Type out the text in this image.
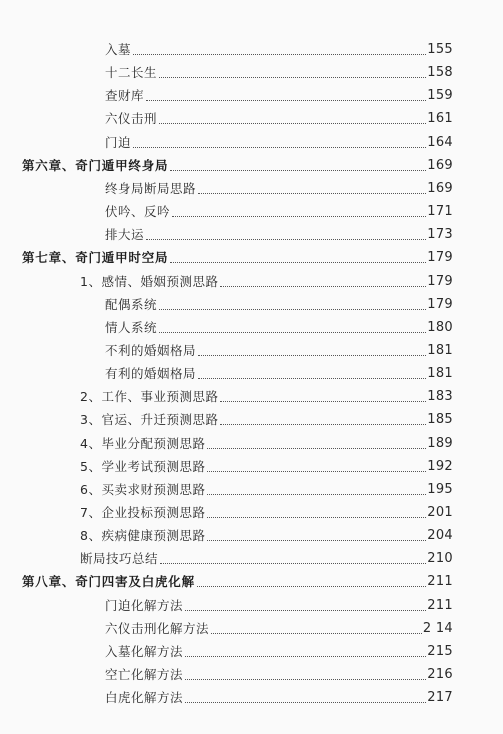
入墓	155
十二长生	158
查财库	159
六仪击刑	161
门迫	164
第六章、奇门遁甲终身局	169
终身局断局思路	169
伏吟、反吟	171
排大运	173
第七章、奇门遁甲时空局	179
1、感情、婚姻预测思路	179
配偶系统	179
情人系统	180
不利的婚姻格局	181
有利的婚姻格局	181
2、工作、事业预测思路	183
3、官运、升迁预测思路	185
4、毕业分配预测思路	189
5、学业考试预测思路	192
6、买卖求财预测思路	195
7、企业投标预测思路	201
8、疾病健康预测思路	204
断局技巧总结	210
第八章、奇门四害及白虎化解	211
门迫化解方法	211
六仪击刑化解方法	2 14
入墓化解方法	215
空亡化解方法	216
白虎化解方法	217
